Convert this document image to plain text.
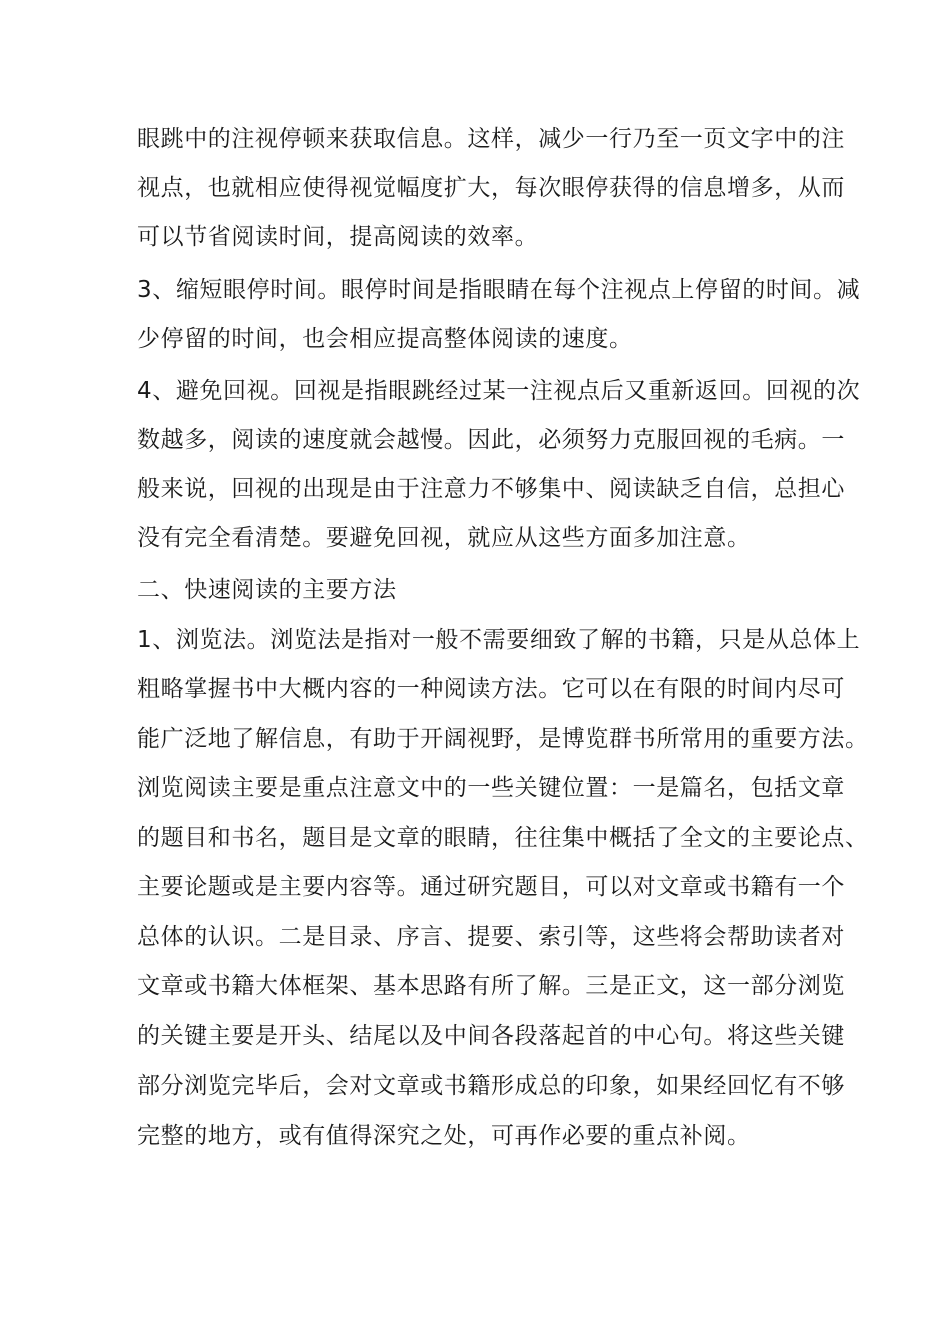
眼跳中的注视停顿来获取信息。这样，减少一行乃至一页文字中的注
视点，也就相应使得视觉幅度扩大，每次眼停获得的信息增多，从而
可以节省阅读时间，提高阅读的效率。
3、缩短眼停时间。眼停时间是指眼睛在每个注视点上停留的时间。减
少停留的时间，也会相应提高整体阅读的速度。
4、避免回视。回视是指眼跳经过某一注视点后又重新返回。回视的次
数越多，阅读的速度就会越慢。因此，必须努力克服回视的毛病。一
般来说，回视的出现是由于注意力不够集中、阅读缺乏自信，总担心
没有完全看清楚。要避免回视，就应从这些方面多加注意。
二、快速阅读的主要方法
1、浏览法。浏览法是指对一般不需要细致了解的书籍，只是从总体上
粗略掌握书中大概内容的一种阅读方法。它可以在有限的时间内尽可
能广泛地了解信息，有助于开阔视野，是博览群书所常用的重要方法。
浏览阅读主要是重点注意文中的一些关键位置：一是篇名，包括文章
的题目和书名，题目是文章的眼睛，往往集中概括了全文的主要论点、
主要论题或是主要内容等。通过研究题目，可以对文章或书籍有一个
总体的认识。二是目录、序言、提要、索引等，这些将会帮助读者对
文章或书籍大体框架、基本思路有所了解。三是正文，这一部分浏览
的关键主要是开头、结尾以及中间各段落起首的中心句。将这些关键
部分浏览完毕后，会对文章或书籍形成总的印象，如果经回忆有不够
完整的地方，或有值得深究之处，可再作必要的重点补阅。
